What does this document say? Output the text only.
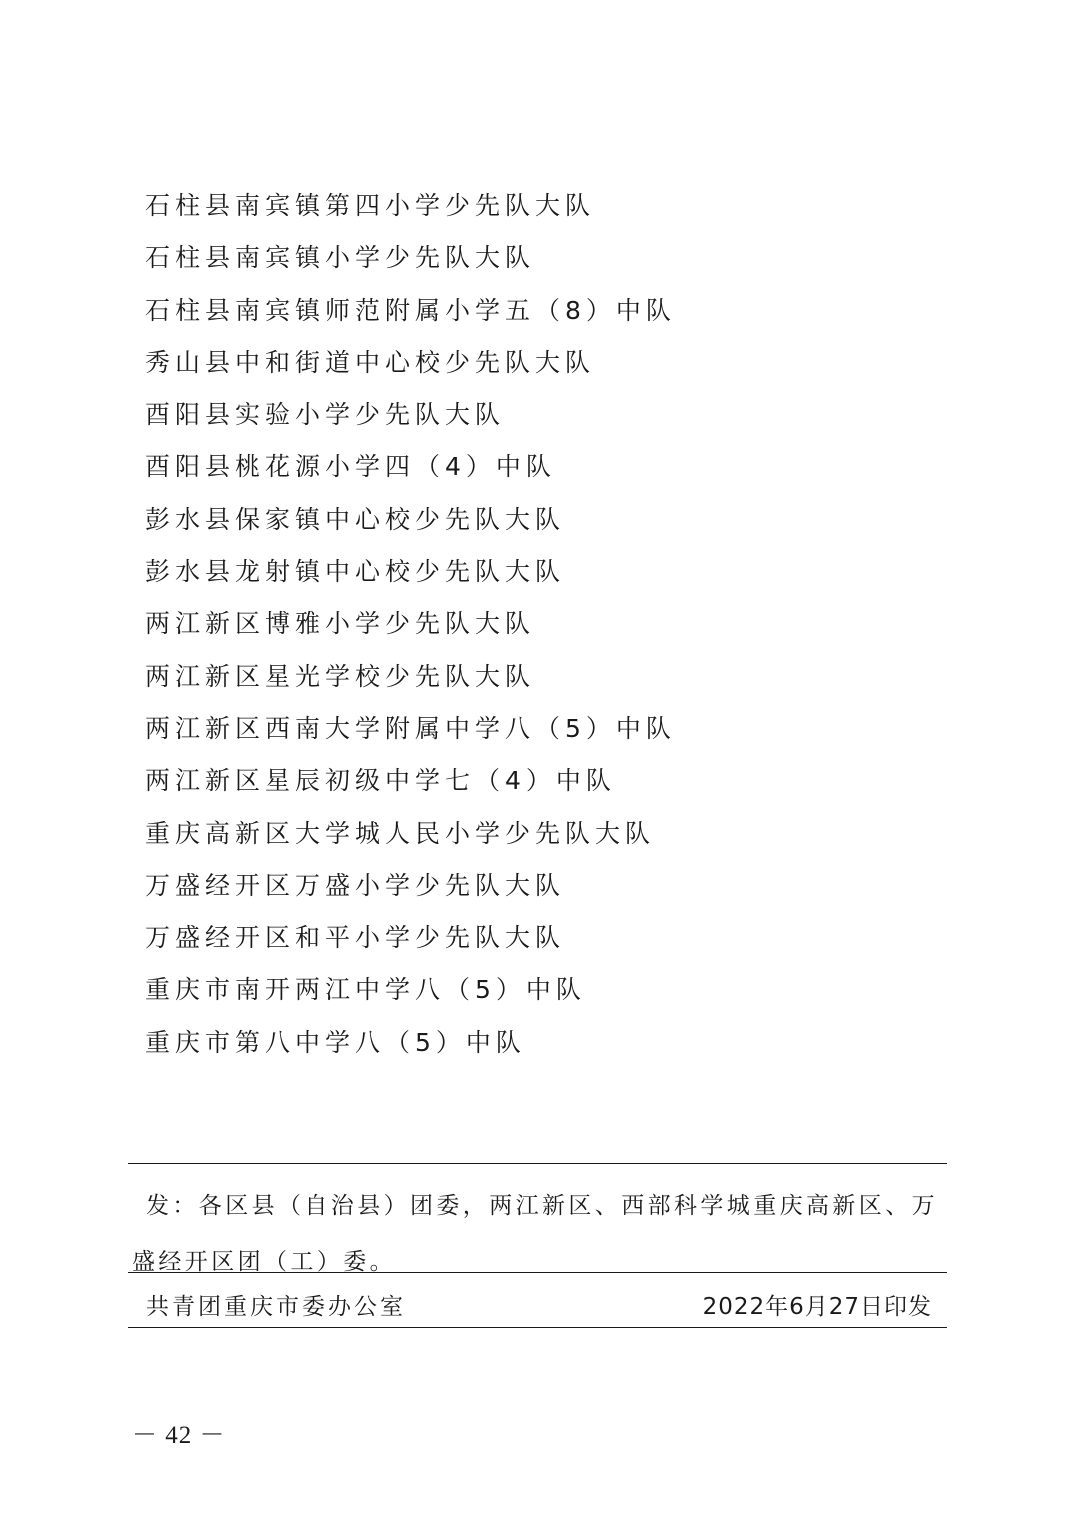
石柱县南宾镇第四小学少先队大队
石柱县南宾镇小学少先队大队
石柱县南宾镇师范附属小学五（8）中队
秀山县中和街道中心校少先队大队
酉阳县实验小学少先队大队
酉阳县桃花源小学四（4）中队
彭水县保家镇中心校少先队大队
彭水县龙射镇中心校少先队大队
两江新区博雅小学少先队大队
两江新区星光学校少先队大队
两江新区西南大学附属中学八（5）中队
两江新区星辰初级中学七（4）中队
重庆高新区大学城人民小学少先队大队
万盛经开区万盛小学少先队大队
万盛经开区和平小学少先队大队
重庆市南开两江中学八（5）中队
重庆市第八中学八（5）中队
发：各区县（自治县）团委，两江新区、西部科学城重庆高新区、万盛经开区团（工）委。
共青团重庆市委办公室	2022年6月27日印发
－ 42 －
